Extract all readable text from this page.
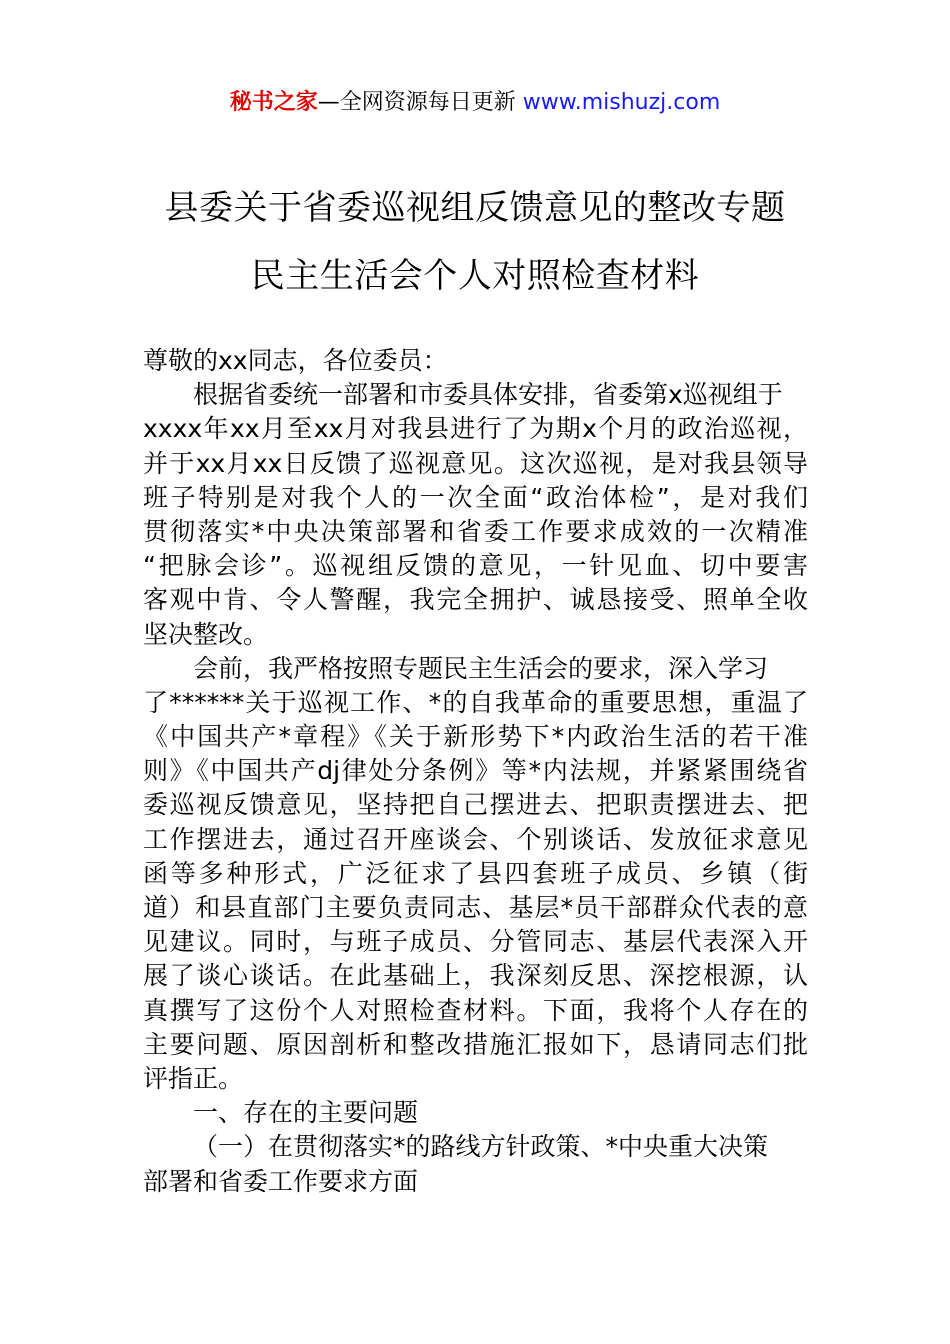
秘书之家—全网资源每日更新 www.mishuzj.com
县委关于省委巡视组反馈意见的整改专题
民主生活会个人对照检查材料
尊敬的xx同志，各位委员：
根据省委统一部署和市委具体安排，省委第x巡视组于
xxxx年xx月至xx月对我县进行了为期x个月的政治巡视，
并于xx月xx日反馈了巡视意见。这次巡视，是对我县领导
班子特别是对我个人的一次全面“政治体检”，是对我们
贯彻落实*中央决策部署和省委工作要求成效的一次精准
“把脉会诊”。巡视组反馈的意见，一针见血、切中要害
客观中肯、令人警醒，我完全拥护、诚恳接受、照单全收
坚决整改。
会前，我严格按照专题民主生活会的要求，深入学习
了******关于巡视工作、*的自我革命的重要思想，重温了
《中国共产*章程》《关于新形势下*内政治生活的若干准
则》《中国共产dj律处分条例》等*内法规，并紧紧围绕省
委巡视反馈意见，坚持把自己摆进去、把职责摆进去、把
工作摆进去，通过召开座谈会、个别谈话、发放征求意见
函等多种形式，广泛征求了县四套班子成员、乡镇（街
道）和县直部门主要负责同志、基层*员干部群众代表的意
见建议。同时，与班子成员、分管同志、基层代表深入开
展了谈心谈话。在此基础上，我深刻反思、深挖根源，认
真撰写了这份个人对照检查材料。下面，我将个人存在的
主要问题、原因剖析和整改措施汇报如下，恳请同志们批
评指正。
一、存在的主要问题
（一）在贯彻落实*的路线方针政策、*中央重大决策
部署和省委工作要求方面
